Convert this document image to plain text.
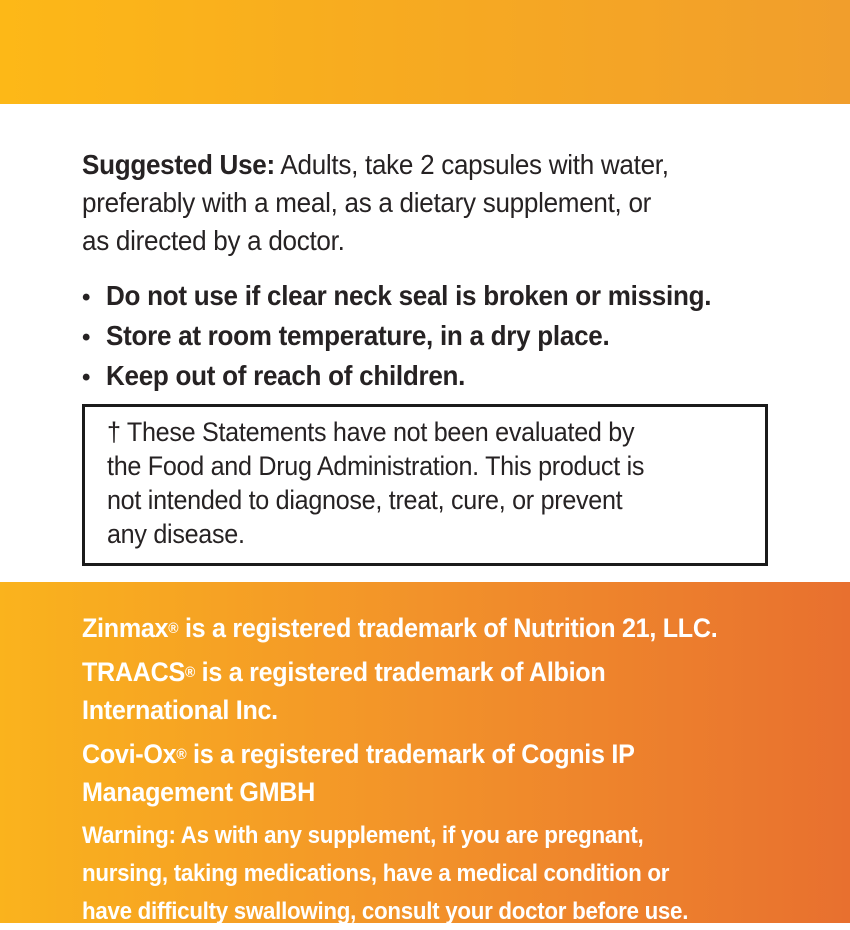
Suggested Use: Adults, take 2 capsules with water,
preferably with a meal, as a dietary supplement, or
as directed by a doctor.
• Do not use if clear neck seal is broken or missing.
• Store at room temperature, in a dry place.
• Keep out of reach of children.
† These Statements have not been evaluated by
the Food and Drug Administration. This product is
not intended to diagnose, treat, cure, or prevent
any disease.
Zinmax® is a registered trademark of Nutrition 21, LLC.
TRAACS® is a registered trademark of Albion
International Inc.
Covi-Ox® is a registered trademark of Cognis IP
Management GMBH
Warning: As with any supplement, if you are pregnant,
nursing, taking medications, have a medical condition or
have difficulty swallowing, consult your doctor before use.
